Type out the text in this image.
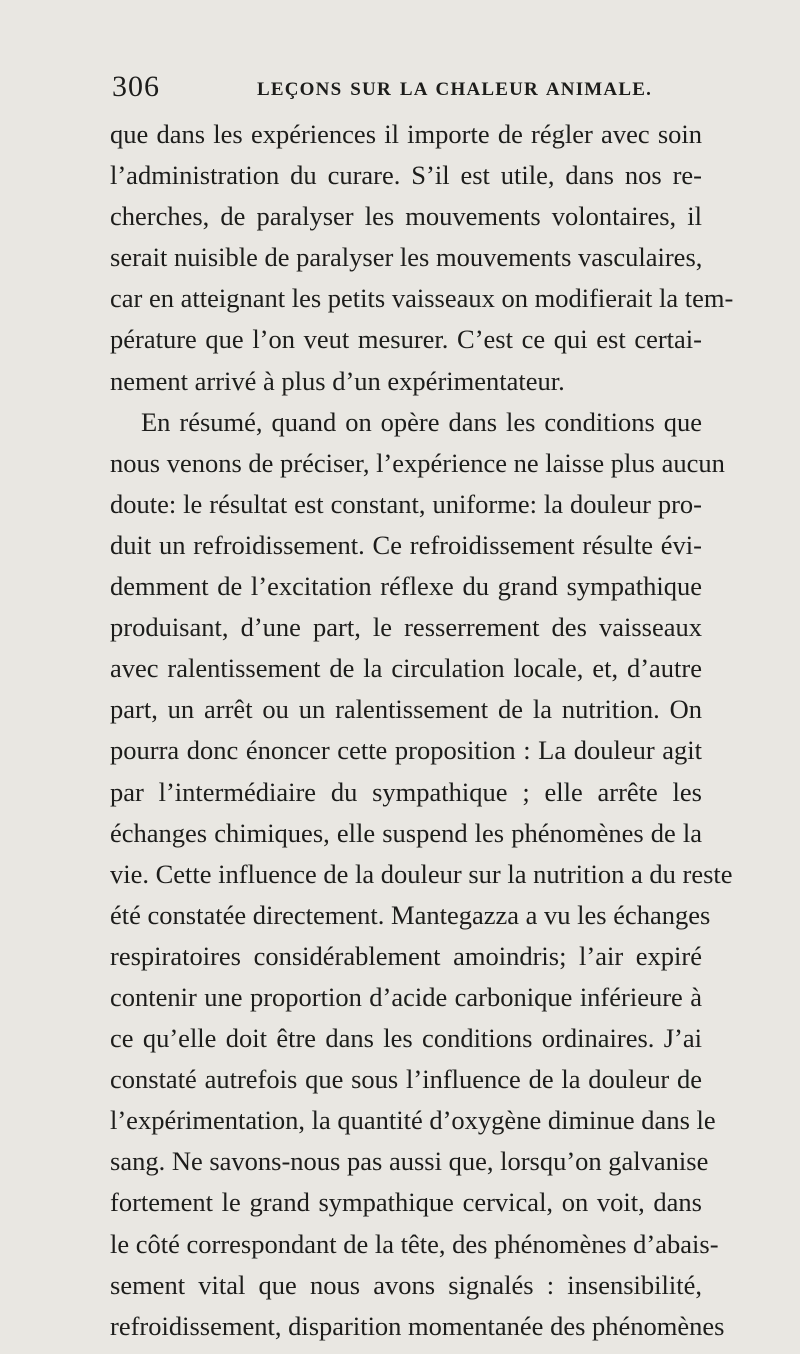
306	LEÇONS SUR LA CHALEUR ANIMALE.
que dans les expériences il importe de régler avec soin
l’administration du curare. S’il est utile, dans nos re-
cherches, de paralyser les mouvements volontaires, il
serait nuisible de paralyser les mouvements vasculaires,
car en atteignant les petits vaisseaux on modifierait la tem-
pérature que l’on veut mesurer. C’est ce qui est certai-
nement arrivé à plus d’un expérimentateur.
En résumé, quand on opère dans les conditions que
nous venons de préciser, l’expérience ne laisse plus aucun
doute: le résultat est constant, uniforme: la douleur pro-
duit un refroidissement. Ce refroidissement résulte évi-
demment de l’excitation réflexe du grand sympathique
produisant, d’une part, le resserrement des vaisseaux
avec ralentissement de la circulation locale, et, d’autre
part, un arrêt ou un ralentissement de la nutrition. On
pourra donc énoncer cette proposition : La douleur agit
par l’intermédiaire du sympathique ; elle arrête les
échanges chimiques, elle suspend les phénomènes de la
vie. Cette influence de la douleur sur la nutrition a du reste
été constatée directement. Mantegazza a vu les échanges
respiratoires considérablement amoindris; l’air expiré
contenir une proportion d’acide carbonique inférieure à
ce qu’elle doit être dans les conditions ordinaires. J’ai
constaté autrefois que sous l’influence de la douleur de
l’expérimentation, la quantité d’oxygène diminue dans le
sang. Ne savons-nous pas aussi que, lorsqu’on galvanise
fortement le grand sympathique cervical, on voit, dans
le côté correspondant de la tête, des phénomènes d’abais-
sement vital que nous avons signalés : insensibilité,
refroidissement, disparition momentanée des phénomènes
